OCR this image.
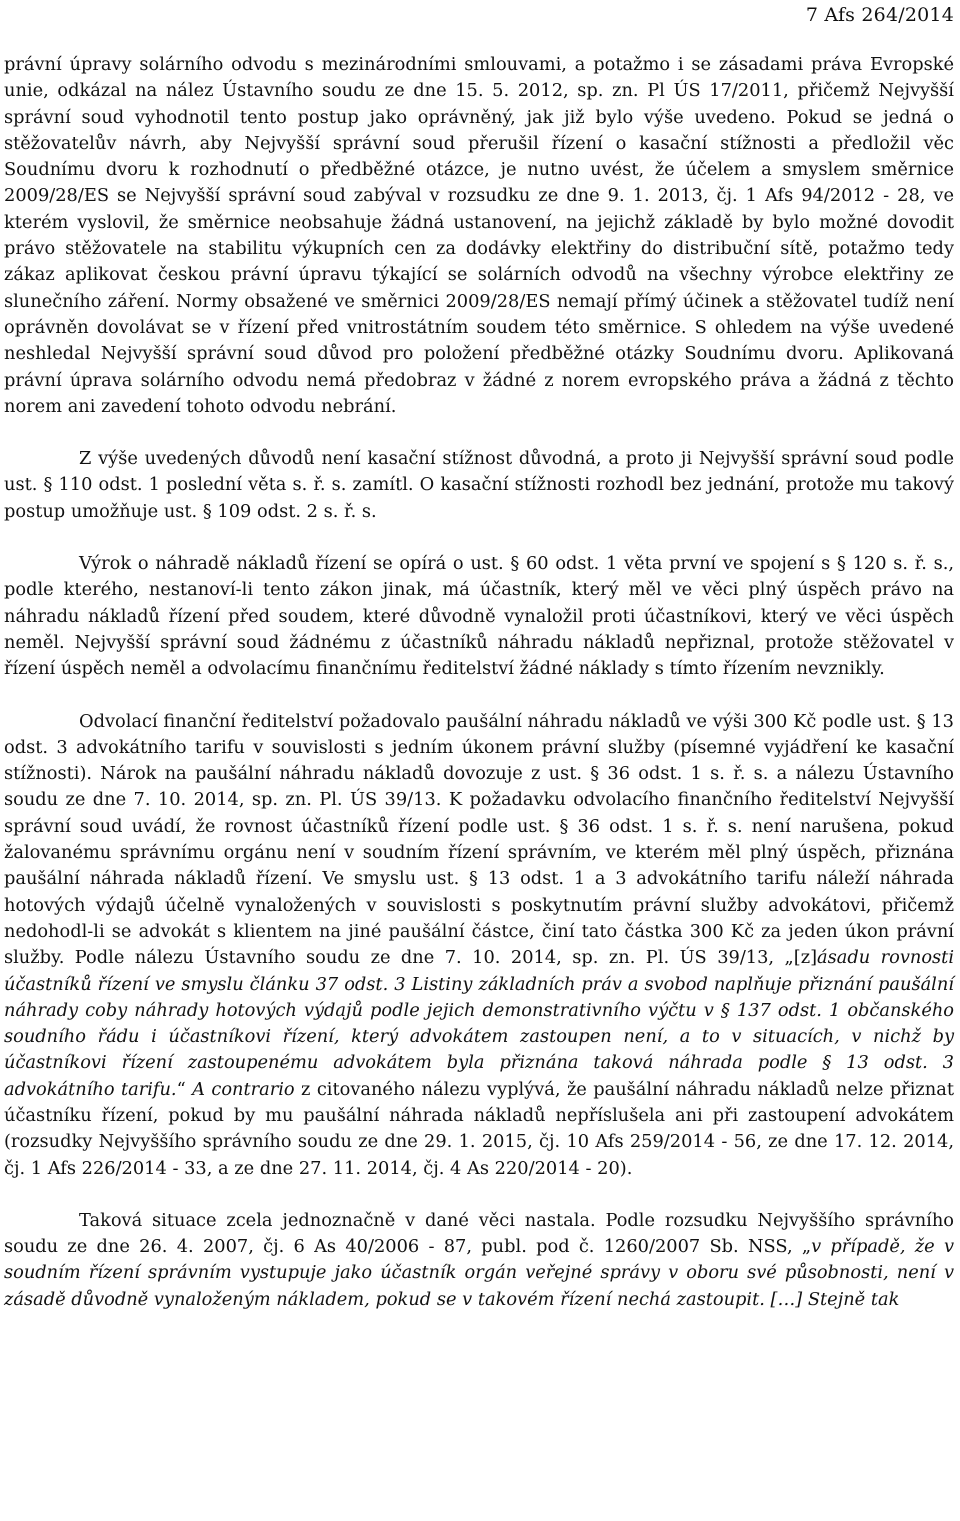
7 Afs 264/2014

právní úpravy solárního odvodu s mezinárodními smlouvami, a potažmo i se zásadami práva Evropské unie, odkázal na nález Ústavního soudu ze dne 15. 5. 2012, sp. zn. Pl ÚS 17/2011, přičemž Nejvyšší správní soud vyhodnotil tento postup jako oprávněný, jak již bylo výše uvedeno. Pokud se jedná o stěžovatelův návrh, aby Nejvyšší správní soud přerušil řízení o kasační stížnosti a předložil věc Soudnímu dvoru k rozhodnutí o předběžné otázce, je nutno uvést, že účelem a smyslem směrnice 2009/28/ES se Nejvyšší správní soud zabýval v rozsudku ze dne 9. 1. 2013, čj. 1 Afs 94/2012 - 28, ve kterém vyslovil, že směrnice neobsahuje žádná ustanovení, na jejichž základě by bylo možné dovodit právo stěžovatele na stabilitu výkupních cen za dodávky elektřiny do distribuční sítě, potažmo tedy zákaz aplikovat českou právní úpravu týkající se solárních odvodů na všechny výrobce elektřiny ze slunečního záření. Normy obsažené ve směrnici 2009/28/ES nemají přímý účinek a stěžovatel tudíž není oprávněn dovolávat se v řízení před vnitrostátním soudem této směrnice. S ohledem na výše uvedené neshledal Nejvyšší správní soud důvod pro položení předběžné otázky Soudnímu dvoru. Aplikovaná právní úprava solárního odvodu nemá předobraz v žádné z norem evropského práva a žádná z těchto norem ani zavedení tohoto odvodu nebrání.

Z výše uvedených důvodů není kasační stížnost důvodná, a proto ji Nejvyšší správní soud podle ust. § 110 odst. 1 poslední věta s. ř. s. zamítl. O kasační stížnosti rozhodl bez jednání, protože mu takový postup umožňuje ust. § 109 odst. 2 s. ř. s.

Výrok o náhradě nákladů řízení se opírá o ust. § 60 odst. 1 věta první ve spojení s § 120 s. ř. s., podle kterého, nestanoví-li tento zákon jinak, má účastník, který měl ve věci plný úspěch právo na náhradu nákladů řízení před soudem, které důvodně vynaložil proti účastníkovi, který ve věci úspěch neměl. Nejvyšší správní soud žádnému z účastníků náhradu nákladů nepřiznal, protože stěžovatel v řízení úspěch neměl a odvolacímu finančnímu ředitelství žádné náklady s tímto řízením nevznikly.

Odvolací finanční ředitelství požadovalo paušální náhradu nákladů ve výši 300 Kč podle ust. § 13 odst. 3 advokátního tarifu v souvislosti s jedním úkonem právní služby (písemné vyjádření ke kasační stížnosti). Nárok na paušální náhradu nákladů dovozuje z ust. § 36 odst. 1 s. ř. s. a nálezu Ústavního soudu ze dne 7. 10. 2014, sp. zn. Pl. ÚS 39/13. K požadavku odvolacího finančního ředitelství Nejvyšší správní soud uvádí, že rovnost účastníků řízení podle ust. § 36 odst. 1 s. ř. s. není narušena, pokud žalovanému správnímu orgánu není v soudním řízení správním, ve kterém měl plný úspěch, přiznána paušální náhrada nákladů řízení. Ve smyslu ust. § 13 odst. 1 a 3 advokátního tarifu náleží náhrada hotových výdajů účelně vynaložených v souvislosti s poskytnutím právní služby advokátovi, přičemž nedohodl-li se advokát s klientem na jiné paušální částce, činí tato částka 300 Kč za jeden úkon právní služby. Podle nálezu Ústavního soudu ze dne 7. 10. 2014, sp. zn. Pl. ÚS 39/13, „[z]ásadu rovnosti účastníků řízení ve smyslu článku 37 odst. 3 Listiny základních práv a svobod naplňuje přiznání paušální náhrady coby náhrady hotových výdajů podle jejich demonstrativního výčtu v § 137 odst. 1 občanského soudního řádu i účastníkovi řízení, který advokátem zastoupen není, a to v situacích, v nichž by účastníkovi řízení zastoupenému advokátem byla přiznána taková náhrada podle § 13 odst. 3 advokátního tarifu.“ A contrario z citovaného nálezu vyplývá, že paušální náhradu nákladů nelze přiznat účastníku řízení, pokud by mu paušální náhrada nákladů nepříslušela ani při zastoupení advokátem (rozsudky Nejvyššího správního soudu ze dne 29. 1. 2015, čj. 10 Afs 259/2014 - 56, ze dne 17. 12. 2014, čj. 1 Afs 226/2014 - 33, a ze dne 27. 11. 2014, čj. 4 As 220/2014 - 20).

Taková situace zcela jednoznačně v dané věci nastala. Podle rozsudku Nejvyššího správního soudu ze dne 26. 4. 2007, čj. 6 As 40/2006 - 87, publ. pod č. 1260/2007 Sb. NSS, „v případě, že v soudním řízení správním vystupuje jako účastník orgán veřejné správy v oboru své působnosti, není v zásadě důvodně vynaloženým nákladem, pokud se v takovém řízení nechá zastoupit. […] Stejně tak
